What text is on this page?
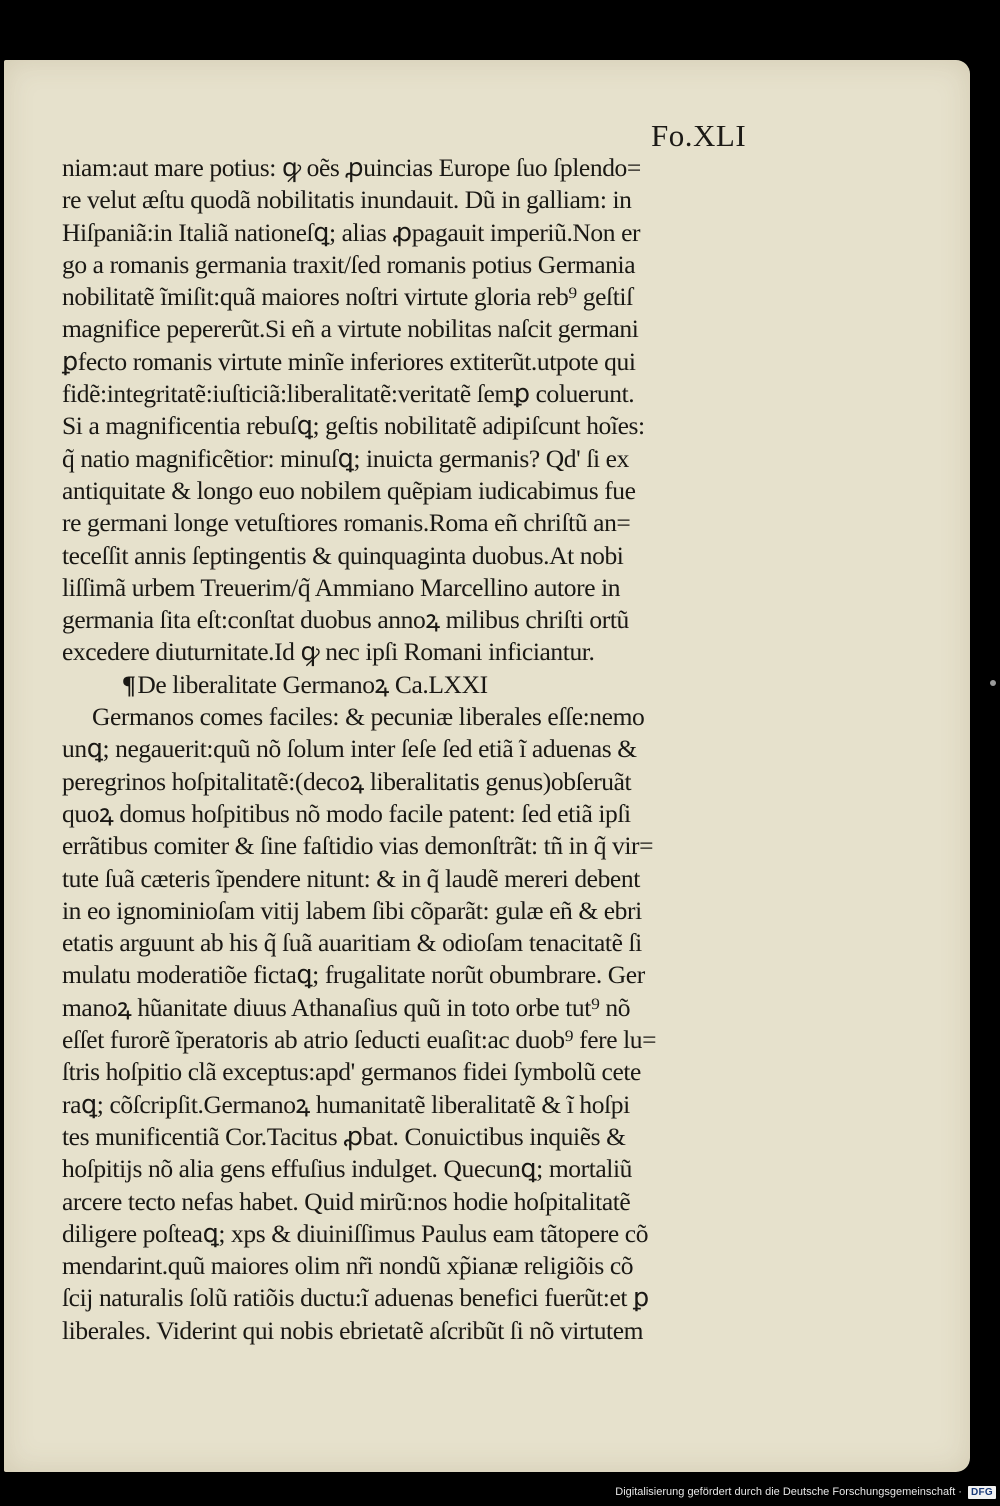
Fo.XLI
niam:aut mare potius: ꝙ oẽs ꝓuincias Europe ſuo ſplendo=
re velut æſtu quodã nobilitatis inundauit. Dũ in galliam: in
Hiſpaniã:in Italiã nationeſꝗ; alias ꝓpagauit imperiũ.Non er
go a romanis germania traxit/ſed romanis potius Germania
nobilitatẽ ĩmiſit:quã maiores noſtri virtute gloria reb⁹ geſtiſ
magnifice pepererũt.Si eñ a virtute nobilitas naſcit germani
ꝑfecto romanis virtute minĩe inferiores extiterũt.utpote qui
fidẽ:integritatẽ:iuſticiã:liberalitatẽ:veritatẽ ſemꝑ coluerunt.
Si a magnificentia rebuſꝗ; geſtis nobilitatẽ adipiſcunt hoĩes:
q̃ natio magnificẽtior: minuſꝗ; inuicta germanis? Qd' ſi ex
antiquitate & longo euo nobilem quẽpiam iudicabimus fue
re germani longe vetuſtiores romanis.Roma eñ chriſtũ an=
teceſſit annis ſeptingentis & quinquaginta duobus.At nobi
liſſimã urbem Treuerim/q̃ Ammiano Marcellino autore in
germania ſita eſt:conſtat duobus annoꝝ milibus chriſti ortũ
excedere diuturnitate.Id ꝙ nec ipſi Romani inficiantur.
¶De liberalitate Germanoꝝ Ca.LXXI
Germanos comes faciles: & pecuniæ liberales eſſe:nemo
unꝗ; negauerit:quũ nõ ſolum inter ſeſe ſed etiã ĩ aduenas &
peregrinos hoſpitalitatẽ:(decoꝝ liberalitatis genus)obſeruãt
quoꝝ domus hoſpitibus nõ modo facile patent: ſed etiã ipſi
errãtibus comiter & ſine faſtidio vias demonſtrãt: tñ in q̃ vir=
tute ſuã cæteris ĩpendere nitunt: & in q̃ laudẽ mereri debent
in eo ignominioſam vitij labem ſibi cõparãt: gulæ eñ & ebri
etatis arguunt ab his q̃ ſuã auaritiam & odioſam tenacitatẽ ſi
mulatu moderatiõe fictaꝗ; frugalitate norũt obumbrare. Ger
manoꝝ hũanitate diuus Athanaſius quũ in toto orbe tut⁹ nõ
eſſet furorẽ ĩperatoris ab atrio ſeducti euaſit:ac duob⁹ fere lu=
ſtris hoſpitio clã exceptus:apd' germanos fidei ſymbolũ cete
raꝗ; cõſcripſit.Germanoꝝ humanitatẽ liberalitatẽ & ĩ hoſpi
tes munificentiã Cor.Tacitus ꝓbat. Conuictibus inquiẽs &
hoſpitijs nõ alia gens effuſius indulget. Quecunꝗ; mortaliũ
arcere tecto nefas habet. Quid mirũ:nos hodie hoſpitalitatẽ
diligere poſteaꝗ; xps & diuiniſſimus Paulus eam tãtopere cõ
mendarint.quũ maiores olim nr̃i nondũ xp̃ianæ religiõis cõ
ſcij naturalis ſolũ ratiõis ductu:ĩ aduenas benefici fuerũt:et ꝑ
liberales. Viderint qui nobis ebrietatẽ aſcribũt ſi nõ virtutem
Digitalisierung gefördert durch die Deutsche Forschungsgemeinschaft · DFG
